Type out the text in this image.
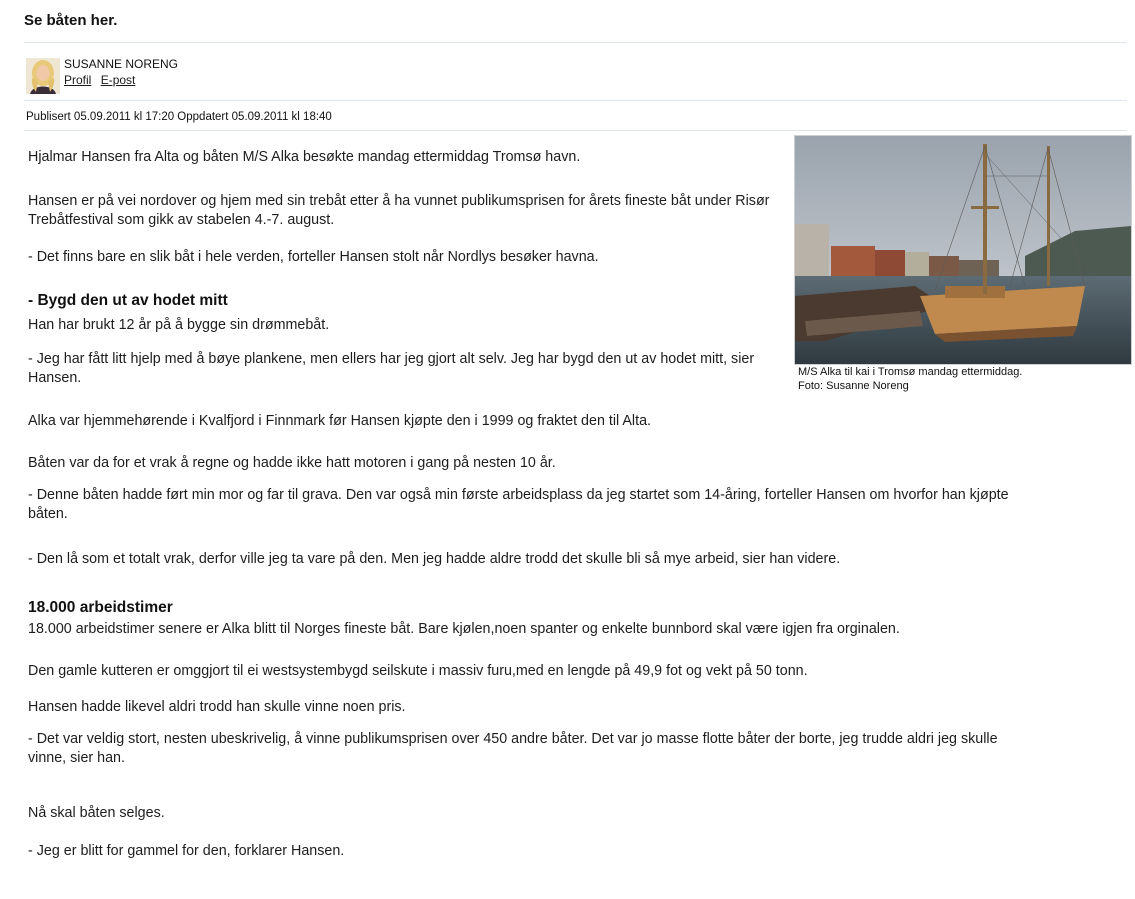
Se båten her.
SUSANNE NORENG
Profil E-post
Publisert 05.09.2011 kl 17:20 Oppdatert 05.09.2011 kl 18:40
Hjalmar Hansen fra Alta og båten M/S Alka besøkte mandag ettermiddag Tromsø havn.
Hansen er på vei nordover og hjem med sin trebåt etter å ha vunnet publikumsprisen for årets fineste båt under Risør Trebåtfestival som gikk av stabelen 4.-7. august.
- Det finns bare en slik båt i hele verden, forteller Hansen stolt når Nordlys besøker havna.
- Bygd den ut av hodet mitt
Han har brukt 12 år på å bygge sin drømmebåt.
- Jeg har fått litt hjelp med å bøye plankene, men ellers har jeg gjort alt selv. Jeg har bygd den ut av hodet mitt, sier Hansen.
Alka var hjemmehørende i Kvalfjord i Finnmark før Hansen kjøpte den i 1999 og fraktet den til Alta.
Båten var da for et vrak å regne og hadde ikke hatt motoren i gang på nesten 10 år.
- Denne båten hadde ført min mor og far til grava. Den var også min første arbeidsplass da jeg startet som 14-åring, forteller Hansen om hvorfor han kjøpte båten.
- Den lå som et totalt vrak, derfor ville jeg ta vare på den. Men jeg hadde aldre trodd det skulle bli så mye arbeid, sier han videre.
18.000 arbeidstimer
18.000 arbeidstimer senere er Alka blitt til Norges fineste båt. Bare kjølen,noen spanter og enkelte bunnbord skal være igjen fra orginalen.
Den gamle kutteren er omggjort til ei westsystembygd seilskute i massiv furu,med en lengde på 49,9 fot og vekt på 50 tonn.
Hansen hadde likevel aldri trodd han skulle vinne noen pris.
- Det var veldig stort, nesten ubeskrivelig, å vinne publikumsprisen over 450 andre båter. Det var jo masse flotte båter der borte, jeg trudde aldri jeg skulle vinne, sier han.
Nå skal båten selges.
- Jeg er blitt for gammel for den, forklarer Hansen.
M/S Alka til kai i Tromsø mandag ettermiddag.
Foto: Susanne Noreng
